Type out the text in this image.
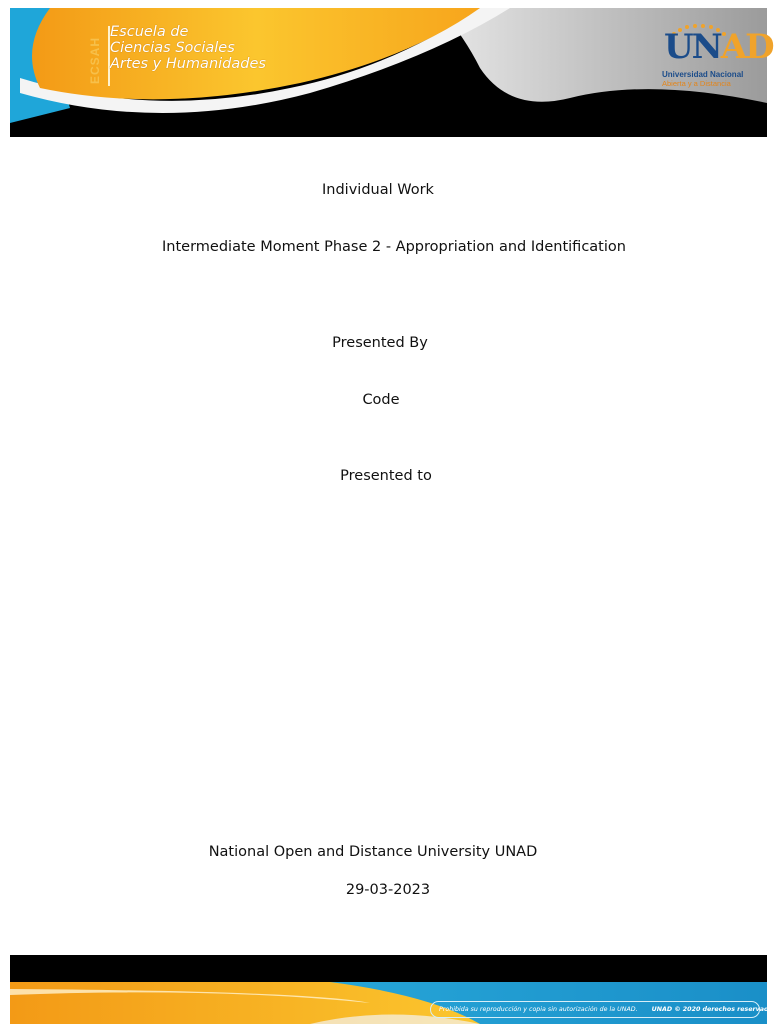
ECSAH
Escuela de
Ciencias Sociales
Artes y Humanidades	UNAD
Universidad Nacional
Abierta y a Distancia
Individual Work
Intermediate Moment Phase 2 - Appropriation and Identification
Presented By
Code
Presented to
National Open and Distance University UNAD
29-03-2023
Prohibida su reproducción y copia sin autorización de la UNAD. UNAD © 2020 derechos reservados.
